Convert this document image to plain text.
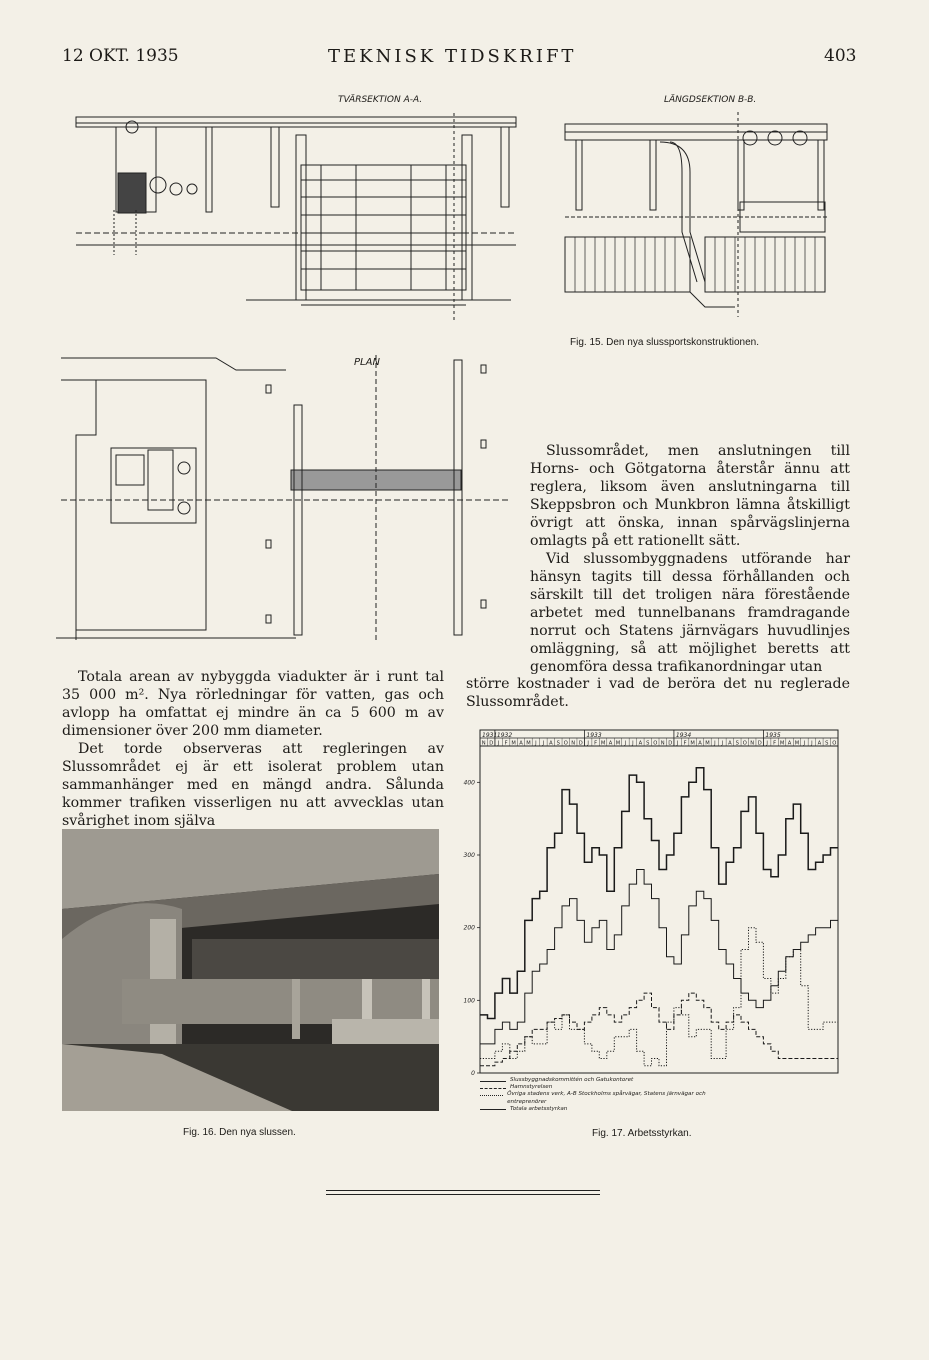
12 OKT. 1935	TEKNISK TIDSKRIFT	403
TVÄRSEKTION A-A.	LÄNGDSEKTION B-B.
PLAN
Fig. 15. Den nya slussportskonstruktionen.

Slussområdet, men anslutningen till Horns- och Götgatorna återstår ännu att reglera, liksom även anslutningarna till Skeppsbron och Munkbron lämna åtskilligt övrigt att önska, innan spårvägslinjerna omlagts på ett rationellt sätt.

Vid slussombyggnadens utförande har hänsyn tagits till dessa förhållanden och särskilt till det troligen nära förestående arbetet med tunnelbanans framdragande norrut och Statens järnvägars huvudlinjes omläggning, så att möjlighet beretts att genomföra dessa trafikanordningar utan

större kostnader i vad de berörа det nu reglerade Slussområdet.

Totala arean av nybyggda viadukter är i runt tal 35 000 m². Nya rörledningar för vatten, gas och avlopp ha omfattat ej mindre än ca 5 600 m av dimensioner över 200 mm diameter.

Det torde observeras att regleringen av Slussområdet ej är ett isolerat problem utan sammanhänger med en mängd andra. Sålunda kommer trafiken visserligen nu att avvecklas utan svårighet inom själva

Fig. 16. Den nya slussen.
1931 1932	1933	1934	1935
N D J F M A M J J A S O N D J F M A M J J A S O N D J F M A M J J A S O N D J F M A M J J A S O
0
100
200
300
400
Slussbyggnadskommittén och Gatukontoret
Hamnstyrelsen
Övriga stadens verk, A-B Stockholms spårvägar, Statens järnvägar och entreprenörer
Totala arbetsstyrkan
Fig. 17. Arbetsstyrkan.
